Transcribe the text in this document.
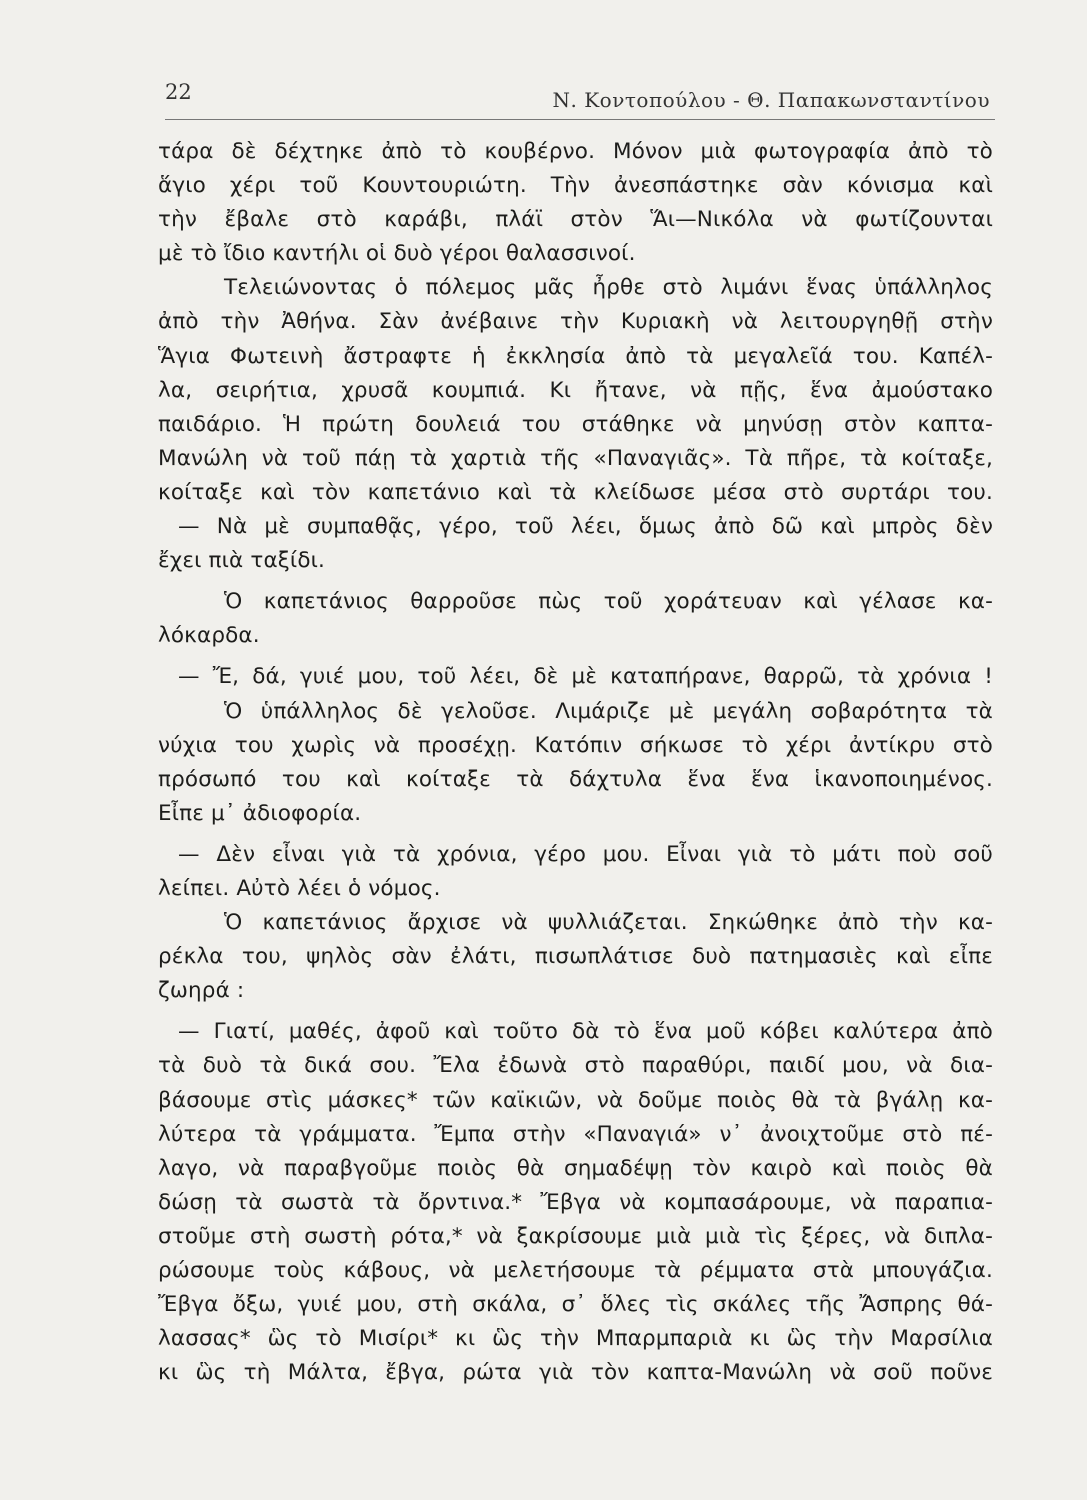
22	Ν. Κοντοπούλου - Θ. Παπακωνσταντίνου
τάρα δὲ δέχτηκε ἀπὸ τὸ κουβέρνο. Μόνον μιὰ φωτογραφία ἀπὸ τὸ
ἅγιο χέρι τοῦ Κουντουριώτη. Τὴν ἀνεσπάστηκε σὰν κόνισμα καὶ
τὴν ἔβαλε στὸ καράβι, πλάϊ στὸν Ἅι—Νικόλα νὰ φωτίζουνται
μὲ τὸ ἴδιο καντήλι οἱ δυὸ γέροι θαλασσινοί.
Τελειώνοντας ὁ πόλεμος μᾶς ἦρθε στὸ λιμάνι ἕνας ὑπάλληλος
ἀπὸ τὴν Ἀθήνα. Σὰν ἀνέβαινε τὴν Κυριακὴ νὰ λειτουργηθῇ στὴν
Ἅγια Φωτεινὴ ἄστραφτε ἡ ἐκκλησία ἀπὸ τὰ μεγαλεῖά του. Καπέλ-
λα, σειρήτια, χρυσᾶ κουμπιά. Κι ἤτανε, νὰ πῇς, ἕνα ἀμούστακο
παιδάριο. Ἡ πρώτη δουλειά του στάθηκε νὰ μηνύσῃ στὸν καπτα-
Μανώλη νὰ τοῦ πάῃ τὰ χαρτιὰ τῆς «Παναγιᾶς». Τὰ πῆρε, τὰ κοίταξε,
κοίταξε καὶ τὸν καπετάνιο καὶ τὰ κλείδωσε μέσα στὸ συρτάρι του.
— Νὰ μὲ συμπαθᾷς, γέρο, τοῦ λέει, ὅμως ἀπὸ δῶ καὶ μπρὸς δὲν
ἔχει πιὰ ταξίδι.
Ὁ καπετάνιος θαρροῦσε πὼς τοῦ χοράτευαν καὶ γέλασε κα-
λόκαρδα.
— Ἔ, δά, γυιέ μου, τοῦ λέει, δὲ μὲ καταπήρανε, θαρρῶ, τὰ χρόνια !
Ὁ ὑπάλληλος δὲ γελοῦσε. Λιμάριζε μὲ μεγάλη σοβαρότητα τὰ
νύχια του χωρὶς νὰ προσέχῃ. Κατόπιν σήκωσε τὸ χέρι ἀντίκρυ στὸ
πρόσωπό του καὶ κοίταξε τὰ δάχτυλα ἕνα ἕνα ἱκανοποιημένος.
Εἶπε μ᾽ ἀδιοφορία.
— Δὲν εἶναι γιὰ τὰ χρόνια, γέρο μου. Εἶναι γιὰ τὸ μάτι ποὺ σοῦ
λείπει. Αὐτὸ λέει ὁ νόμος.
Ὁ καπετάνιος ἄρχισε νὰ ψυλλιάζεται. Σηκώθηκε ἀπὸ τὴν κα-
ρέκλα του, ψηλὸς σὰν ἐλάτι, πισωπλάτισε δυὸ πατημασιὲς καὶ εἶπε
ζωηρά :
— Γιατί, μαθές, ἀφοῦ καὶ τοῦτο δὰ τὸ ἕνα μοῦ κόβει καλύτερα ἀπὸ
τὰ δυὸ τὰ δικά σου. Ἔλα ἐδωνὰ στὸ παραθύρι, παιδί μου, νὰ δια-
βάσουμε στὶς μάσκες* τῶν καϊκιῶν, νὰ δοῦμε ποιὸς θὰ τὰ βγάλῃ κα-
λύτερα τὰ γράμματα. Ἔμπα στὴν «Παναγιά» ν᾽ ἀνοιχτοῦμε στὸ πέ-
λαγο, νὰ παραβγοῦμε ποιὸς θὰ σημαδέψῃ τὸν καιρὸ καὶ ποιὸς θὰ
δώσῃ τὰ σωστὰ τὰ ὄρντινα.* Ἔβγα νὰ κομπασάρουμε, νὰ παραπια-
στοῦμε στὴ σωστὴ ρότα,* νὰ ξακρίσουμε μιὰ μιὰ τὶς ξέρες, νὰ διπλα-
ρώσουμε τοὺς κάβους, νὰ μελετήσουμε τὰ ρέμματα στὰ μπουγάζια.
Ἔβγα ὄξω, γυιέ μου, στὴ σκάλα, σ᾽ ὅλες τὶς σκάλες τῆς Ἄσπρης θά-
λασσας* ὣς τὸ Μισίρι* κι ὣς τὴν Μπαρμπαριὰ κι ὣς τὴν Μαρσίλια
κι ὣς τὴ Μάλτα, ἔβγα, ρώτα γιὰ τὸν καπτα-Μανώλη νὰ σοῦ ποῦνε
